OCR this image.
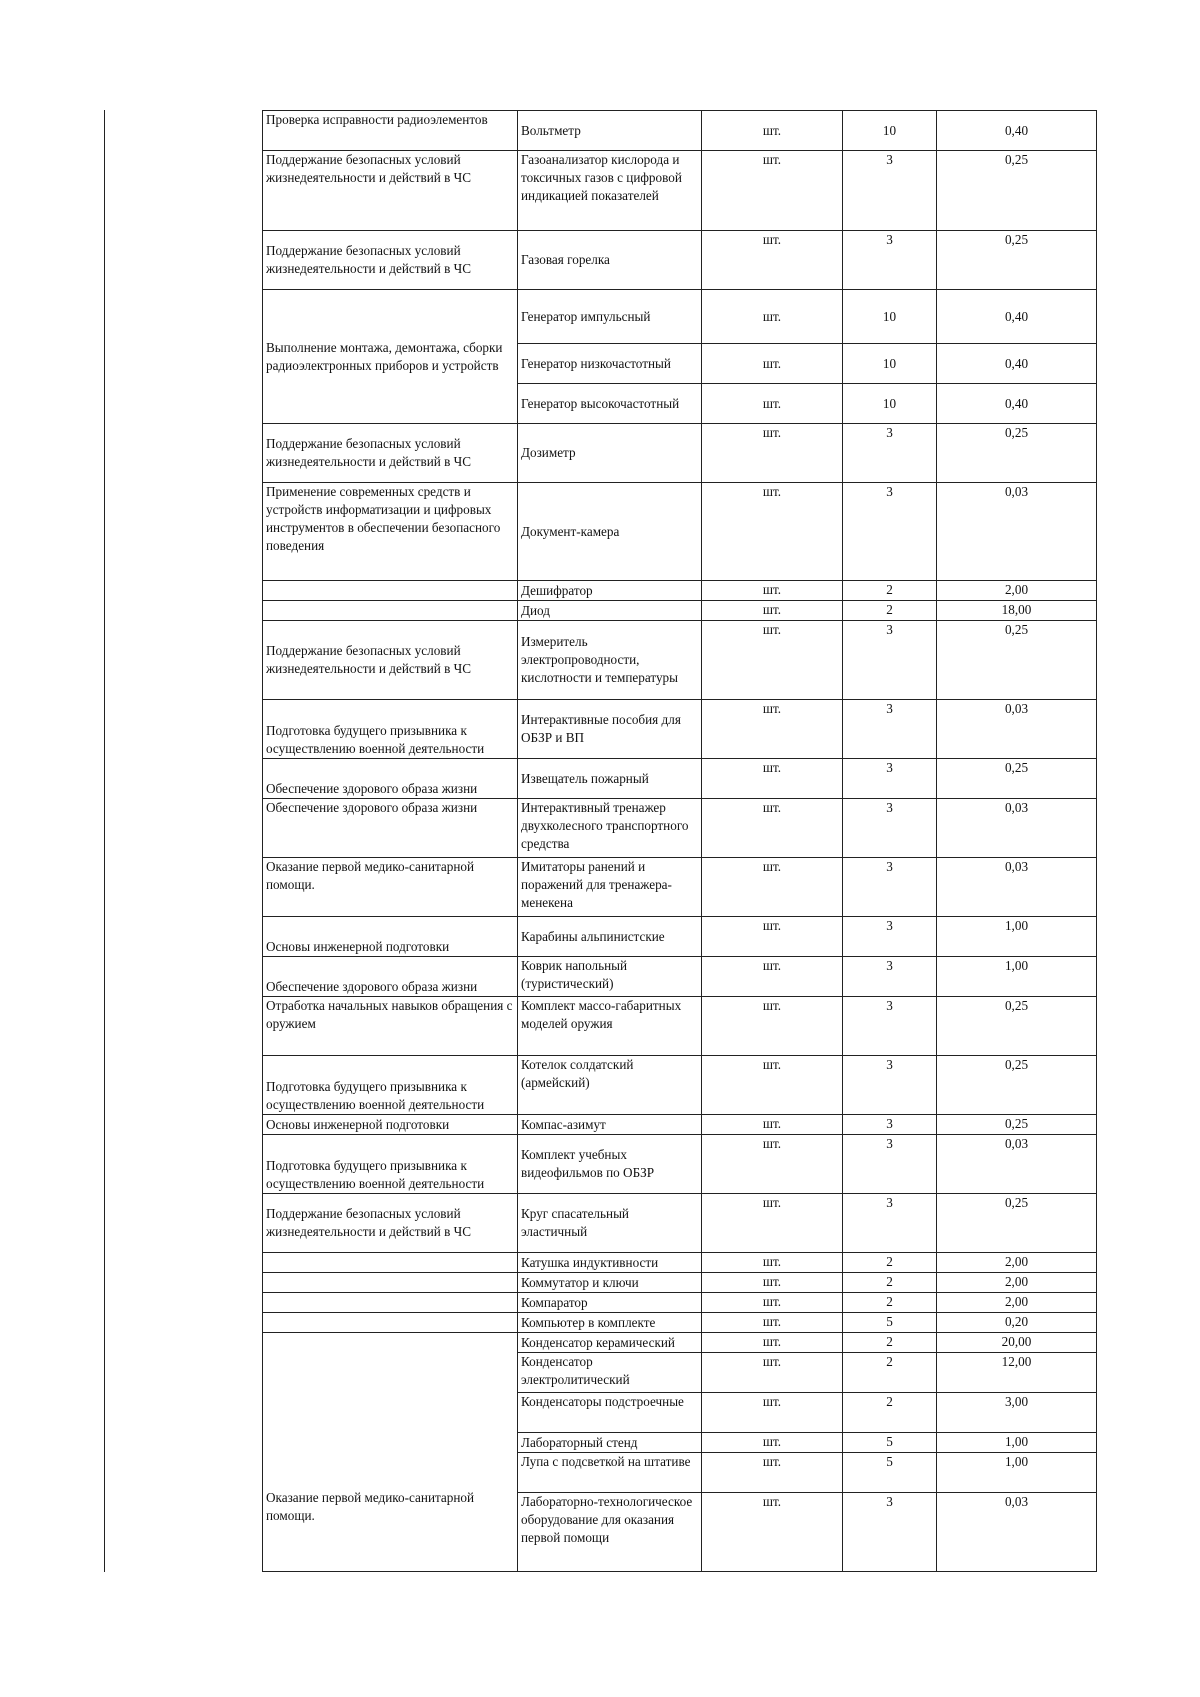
Проверка исправности радиоэлементов	Вольтметр	шт.	10	0,40
Поддержание безопасных условий жизнедеятельности и действий в ЧС	Газоанализатор кислорода и токсичных газов с цифровой индикацией показателей	шт.	3	0,25
Поддержание безопасных условий жизнедеятельности и действий в ЧС	Газовая горелка	шт.	3	0,25
Выполнение монтажа, демонтажа, сборки радиоэлектронных приборов и устройств	Генератор импульсный	шт.	10	0,40
	Генератор низкочастотный	шт.	10	0,40
	Генератор высокочастотный	шт.	10	0,40
Поддержание безопасных условий жизнедеятельности и действий в ЧС	Дозиметр	шт.	3	0,25
Применение современных средств и устройств информатизации и цифровых инструментов в обеспечении безопасного поведения	Документ-камера	шт.	3	0,03
	Дешифратор	шт.	2	2,00
	Диод	шт.	2	18,00
Поддержание безопасных условий жизнедеятельности и действий в ЧС	Измеритель электропроводности, кислотности и температуры	шт.	3	0,25
Подготовка будущего призывника к осуществлению военной деятельности	Интерактивные пособия для ОБЗР и ВП	шт.	3	0,03
Обеспечение здорового образа жизни	Извещатель пожарный	шт.	3	0,25
Обеспечение здорового образа жизни	Интерактивный тренажер двухколесного транспортного средства	шт.	3	0,03
Оказание первой медико-санитарной помощи.	Имитаторы ранений и поражений для тренажера-менекена	шт.	3	0,03
Основы инженерной подготовки	Карабины альпинистские	шт.	3	1,00
Обеспечение здорового образа жизни	Коврик напольный (туристический)	шт.	3	1,00
Отработка начальных навыков обращения с оружием	Комплект массо-габаритных моделей оружия	шт.	3	0,25
Подготовка будущего призывника к осуществлению военной деятельности	Котелок солдатский (армейский)	шт.	3	0,25
Основы инженерной подготовки	Компас-азимут	шт.	3	0,25
Подготовка будущего призывника к осуществлению военной деятельности	Комплект учебных видеофильмов по ОБЗР	шт.	3	0,03
Поддержание безопасных условий жизнедеятельности и действий в ЧС	Круг спасательный эластичный	шт.	3	0,25
	Катушка индуктивности	шт.	2	2,00
	Коммутатор и ключи	шт.	2	2,00
	Компаратор	шт.	2	2,00
	Компьютер в комплекте	шт.	5	0,20
Оказание первой медико-санитарной помощи.	Конденсатор керамический	шт.	2	20,00
	Конденсатор электролитический	шт.	2	12,00
	Конденсаторы подстроечные	шт.	2	3,00
	Лабораторный стенд	шт.	5	1,00
	Лупа с подсветкой на штативе	шт.	5	1,00
	Лабораторно-технологическое оборудование для оказания первой помощи	шт.	3	0,03
